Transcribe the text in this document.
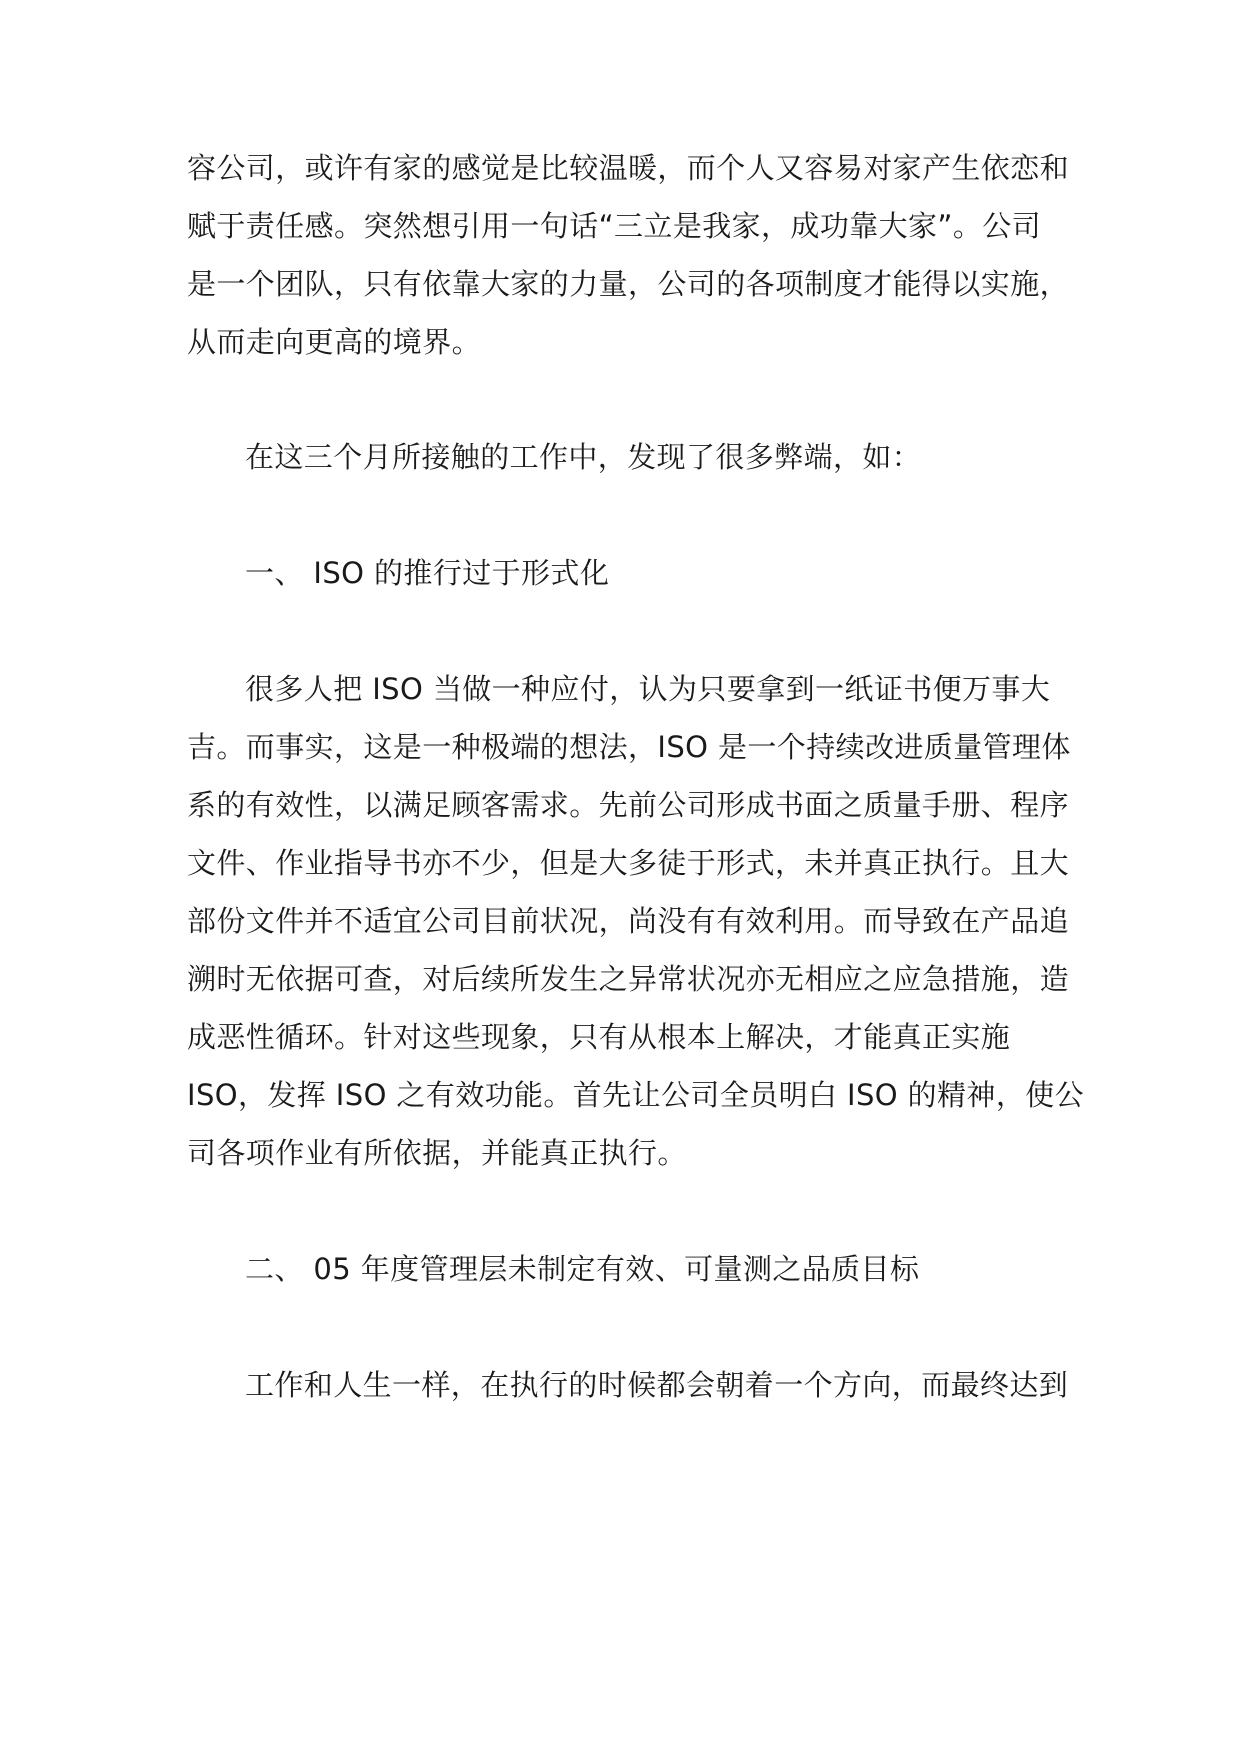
容公司，或许有家的感觉是比较温暖，而个人又容易对家产生依恋和
赋于责任感。突然想引用一句话“三立是我家，成功靠大家”。公司
是一个团队，只有依靠大家的力量，公司的各项制度才能得以实施，
从而走向更高的境界。
在这三个月所接触的工作中，发现了很多弊端，如：
一、 ISO 的推行过于形式化
很多人把 ISO 当做一种应付，认为只要拿到一纸证书便万事大
吉。而事实，这是一种极端的想法，ISO 是一个持续改进质量管理体
系的有效性，以满足顾客需求。先前公司形成书面之质量手册、程序
文件、作业指导书亦不少，但是大多徒于形式，未并真正执行。且大
部份文件并不适宜公司目前状况，尚没有有效利用。而导致在产品追
溯时无依据可查，对后续所发生之异常状况亦无相应之应急措施，造
成恶性循环。针对这些现象，只有从根本上解决，才能真正实施
ISO，发挥 ISO 之有效功能。首先让公司全员明白 ISO 的精神，使公
司各项作业有所依据，并能真正执行。
二、 05 年度管理层未制定有效、可量测之品质目标
工作和人生一样，在执行的时候都会朝着一个方向，而最终达到
